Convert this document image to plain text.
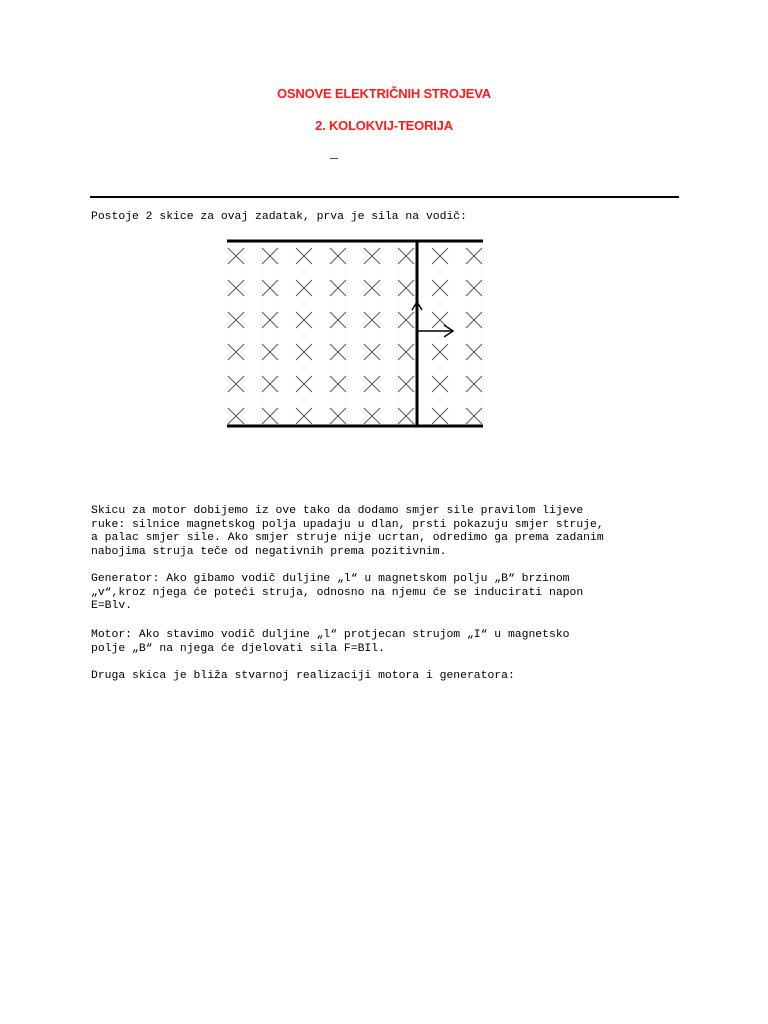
OSNOVE ELEKTRIČNIH STROJEVA
2. KOLOKVIJ-TEORIJA

Postoje 2 skice za ovaj zadatak, prva je sila na vodič:

Skicu za motor dobijemo iz ove tako da dodamo smjer sile pravilom lijeve
ruke: silnice magnetskog polja upadaju u dlan, prsti pokazuju smjer struje,
a palac smjer sile. Ako smjer struje nije ucrtan, odredimo ga prema zadanim
nabojima struja teče od negativnih prema pozitivnim.

Generator: Ako gibamo vodič duljine „l“ u magnetskom polju „B“ brzinom
„v“,kroz njega će poteći struja, odnosno na njemu će se inducirati napon
E=Blv.

Motor: Ako stavimo vodič duljine „l“ protjecan strujom „I“ u magnetsko
polje „B“ na njega će djelovati sila F=BIl.

Druga skica je bliža stvarnoj realizaciji motora i generatora:
